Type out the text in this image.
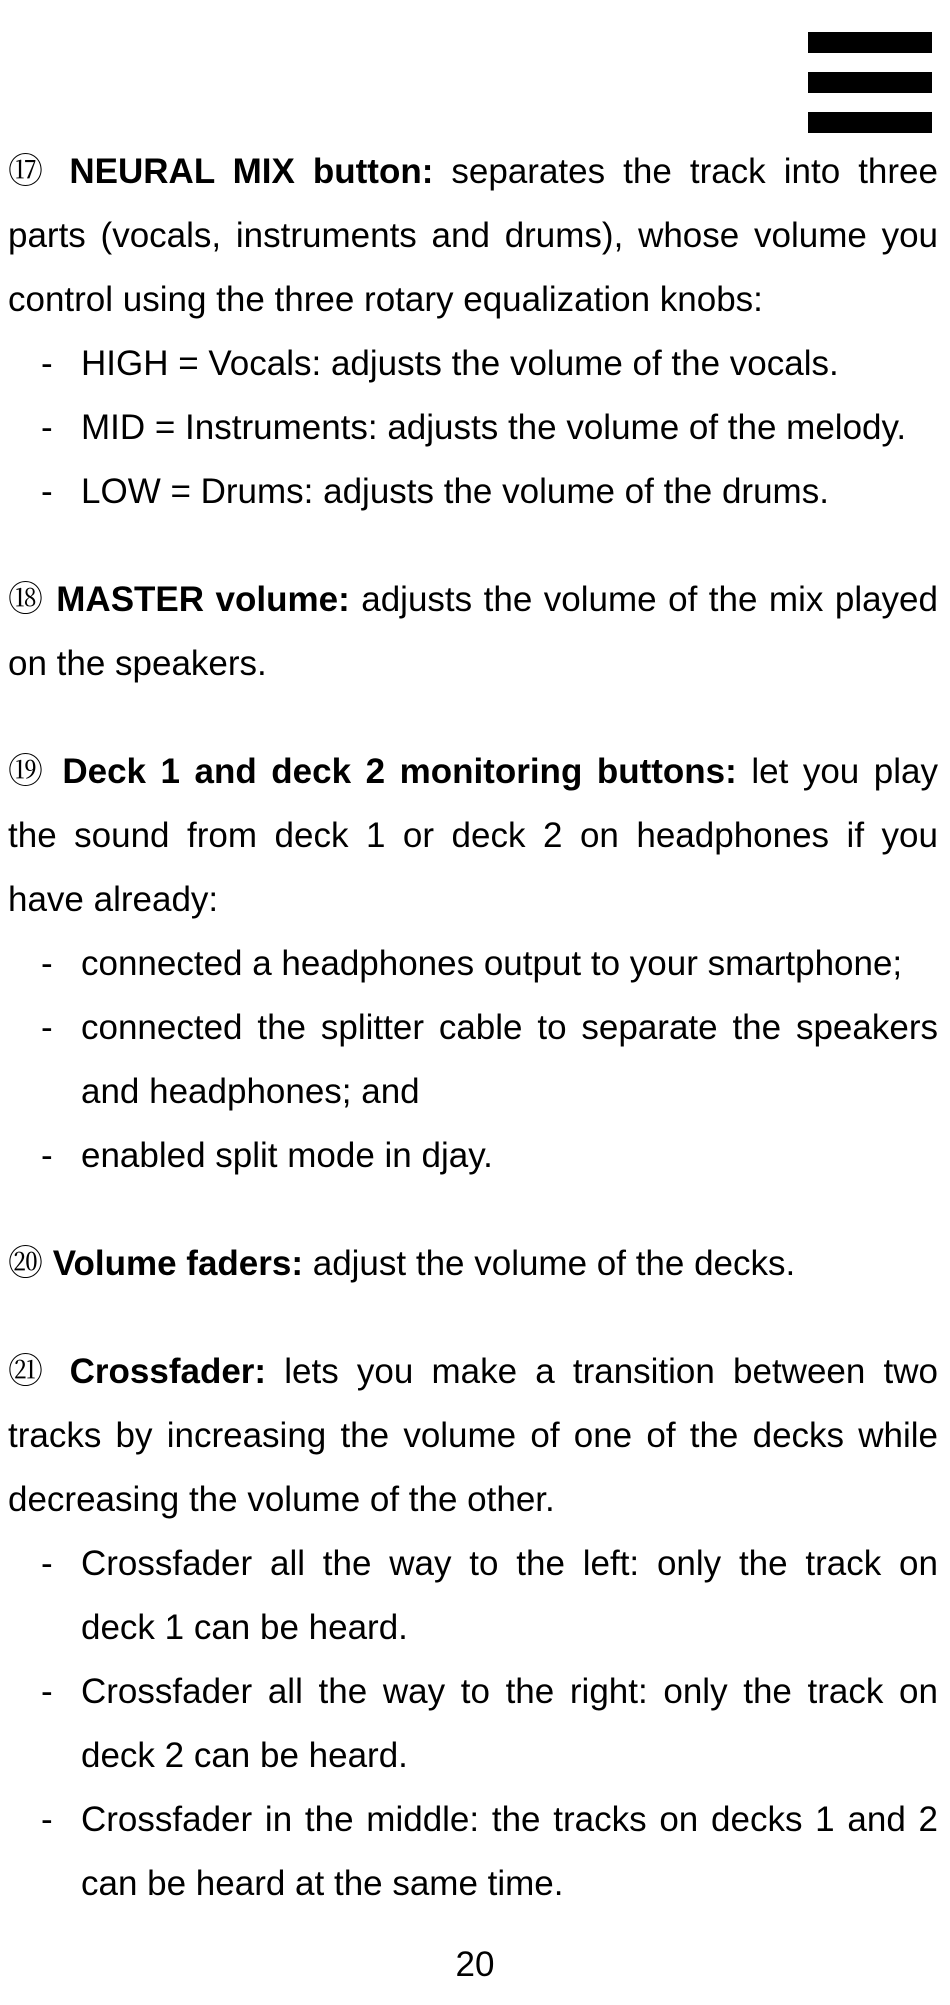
⑰ NEURAL MIX button: separates the track into three parts (vocals, instruments and drums), whose volume you control using the three rotary equalization knobs:

- HIGH = Vocals: adjusts the volume of the vocals.
- MID = Instruments: adjusts the volume of the melody.
- LOW = Drums: adjusts the volume of the drums.

⑱ MASTER volume: adjusts the volume of the mix played on the speakers.

⑲ Deck 1 and deck 2 monitoring buttons: let you play the sound from deck 1 or deck 2 on headphones if you have already:

- connected a headphones output to your smartphone;
- connected the splitter cable to separate the speakers and headphones; and
- enabled split mode in djay.

⑳ Volume faders: adjust the volume of the decks.

㉑ Crossfader: lets you make a transition between two tracks by increasing the volume of one of the decks while decreasing the volume of the other.

- Crossfader all the way to the left: only the track on deck 1 can be heard.
- Crossfader all the way to the right: only the track on deck 2 can be heard.
- Crossfader in the middle: the tracks on decks 1 and 2 can be heard at the same time.
20
